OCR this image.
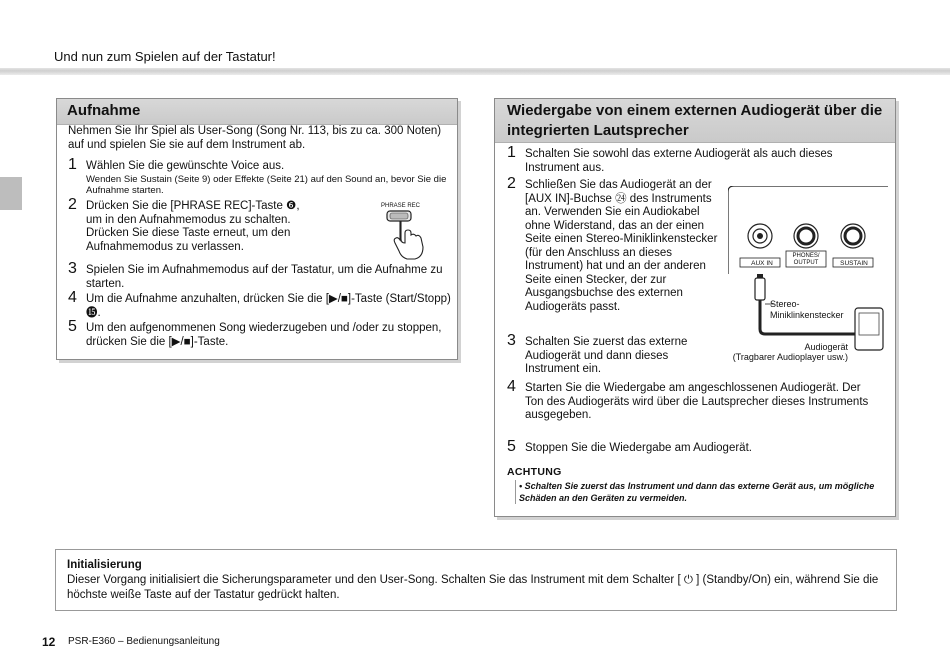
Und nun zum Spielen auf der Tastatur!
Aufnahme
Nehmen Sie Ihr Spiel als User-Song (Song Nr. 113, bis zu ca. 300 Noten) auf und spielen Sie sie auf dem Instrument ab.
1 Wählen Sie die gewünschte Voice aus.
Wenden Sie Sustain (Seite 9) oder Effekte (Seite 21) auf den Sound an, bevor Sie die Aufnahme starten.
2 Drücken Sie die [PHRASE REC]-Taste ❻, um in den Aufnahmemodus zu schalten. Drücken Sie diese Taste erneut, um den Aufnahmemodus zu verlassen.
PHRASE REC
3 Spielen Sie im Aufnahmemodus auf der Tastatur, um die Aufnahme zu starten.
4 Um die Aufnahme anzuhalten, drücken Sie die [▶/■]-Taste (Start/Stopp) ⓯.
5 Um den aufgenommenen Song wiederzugeben und /oder zu stoppen, drücken Sie die [▶/■]-Taste.
Wiedergabe von einem externen Audiogerät über die integrierten Lautsprecher
1 Schalten Sie sowohl das externe Audiogerät als auch dieses Instrument aus.
2 Schließen Sie das Audiogerät an der [AUX IN]-Buchse ㉔ des Instruments an. Verwenden Sie ein Audiokabel ohne Widerstand, das an der einen Seite einen Stereo-Miniklinkenstecker (für den Anschluss an dieses Instrument) hat und an der anderen Seite einen Stecker, der zur Ausgangsbuchse des externen Audiogeräts passt.
3 Schalten Sie zuerst das externe Audiogerät und dann dieses Instrument ein.
4 Starten Sie die Wiedergabe am angeschlossenen Audiogerät. Der Ton des Audiogeräts wird über die Lautsprecher dieses Instruments ausgegeben.
5 Stoppen Sie die Wiedergabe am Audiogerät.
AUX IN
PHONES/ OUTPUT	SUSTAIN
Stereo- Miniklinkenstecker
Audiogerät
(Tragbarer Audioplayer usw.)
ACHTUNG
• Schalten Sie zuerst das Instrument und dann das externe Gerät aus, um mögliche Schäden an den Geräten zu vermeiden.
Initialisierung
Dieser Vorgang initialisiert die Sicherungsparameter und den User-Song. Schalten Sie das Instrument mit dem Schalter [ ⏻ ] (Standby/On) ein, während Sie die höchste weiße Taste auf der Tastatur gedrückt halten.
12 PSR-E360 – Bedienungsanleitung
